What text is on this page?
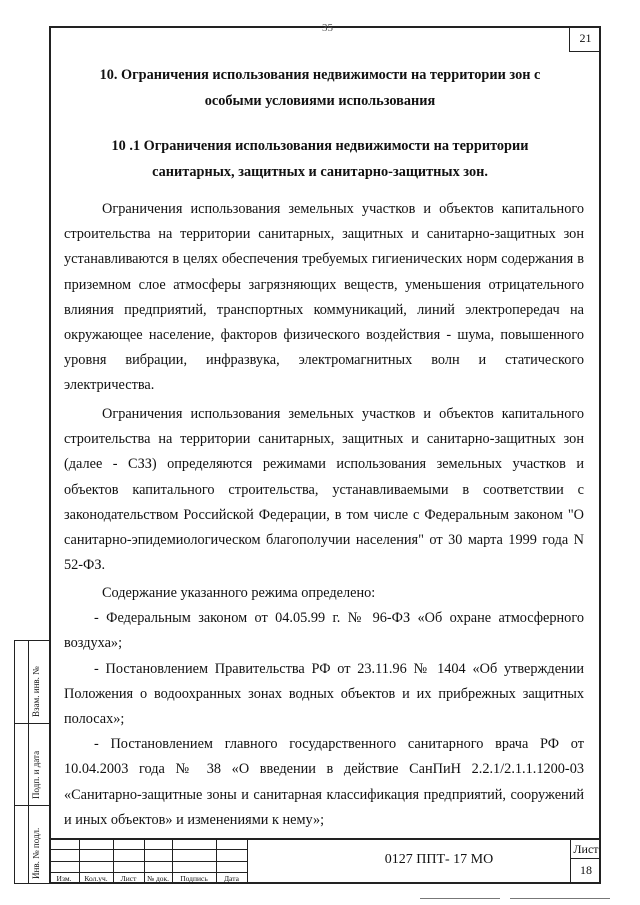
35
21
10. Ограничения использования недвижимости на территории зон с
особыми условиями использования
10 .1 Ограничения использования недвижимости на территории
санитарных, защитных и санитарно-защитных зон.
Ограничения использования земельных участков и объектов капитального строительства на территории санитарных, защитных и санитарно-защитных зон устанавливаются в целях обеспечения требуемых гигиенических норм содержания в приземном слое атмосферы загрязняющих веществ, уменьшения отрицательного влияния предприятий, транспортных коммуникаций, линий электропередач на окружающее население, факторов физического воздействия - шума, повышенного уровня вибрации, инфразвука, электромагнитных волн и статического электричества.
Ограничения использования земельных участков и объектов капитального строительства на территории санитарных, защитных и санитарно-защитных зон (далее - СЗЗ) определяются режимами использования земельных участков и объектов капитального строительства, устанавливаемыми в соответствии с законодательством Российской Федерации, в том числе с Федеральным законом "О санитарно-эпидемиологическом благополучии населения" от 30 марта 1999 года N 52-ФЗ.
Содержание указанного режима определено:
- Федеральным законом от 04.05.99 г. № 96-ФЗ «Об охране атмосферного воздуха»;
- Постановлением Правительства РФ от 23.11.96 № 1404 «Об утверждении Положения о водоохранных зонах водных объектов и их прибрежных защитных полосах»;
- Постановлением главного государственного санитарного врача РФ от 10.04.2003 года № 38 «О введении в действие СанПиН 2.2.1/2.1.1.1200-03 «Санитарно-защитные зоны и санитарная классификация предприятий, сооружений и иных объектов» и изменениями к нему»;
Взам. инв. №
Подп. и дата
Инв. № подл.	Изм.	Кол.уч.	Лист	№ док.	Подпись	Дата
0127 ППТ- 17 МО
Лист
18
